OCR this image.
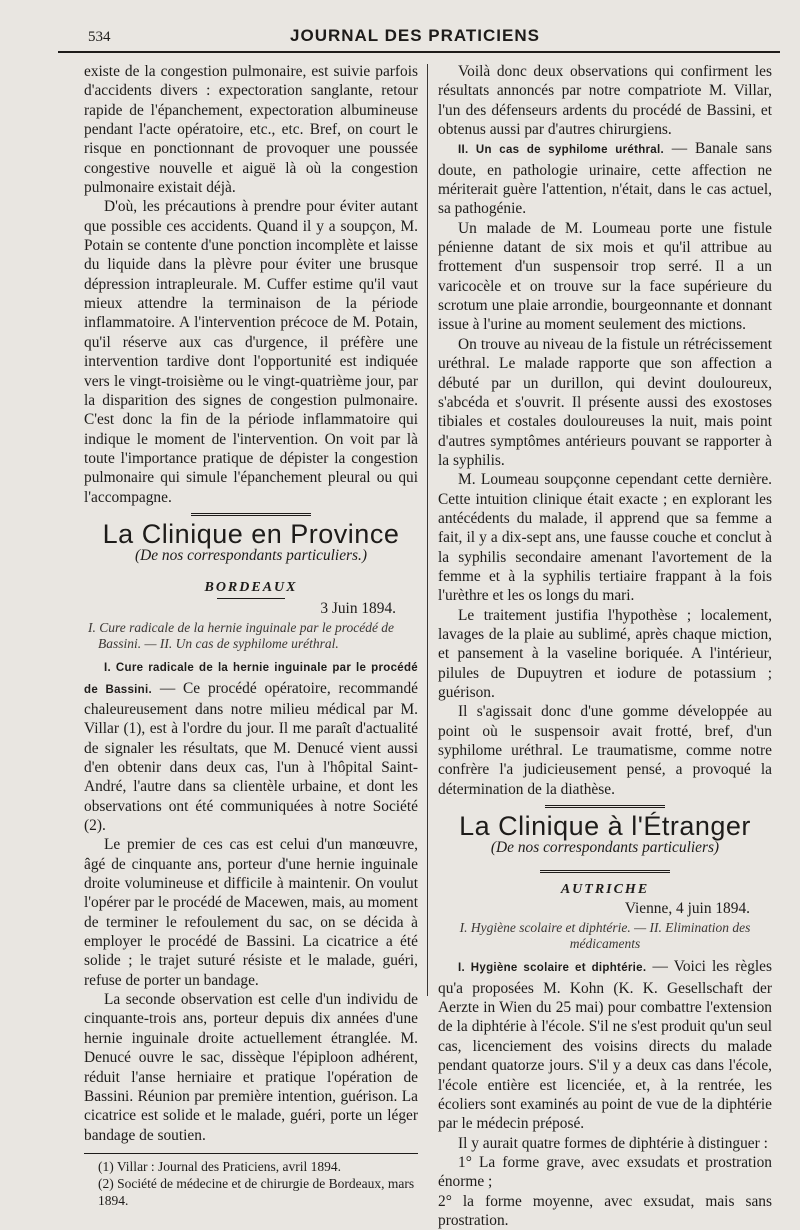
534	JOURNAL DES PRATICIENS

existe de la congestion pulmonaire, est suivie parfois d'accidents divers : expectoration sanglante, retour rapide de l'épanchement, expectoration albumineuse pendant l'acte opératoire, etc., etc. Bref, on court le risque en ponctionnant de provoquer une poussée congestive nouvelle et aiguë là où la congestion pulmonaire existait déjà.

D'où, les précautions à prendre pour éviter autant que possible ces accidents. Quand il y a soupçon, M. Potain se contente d'une ponction incomplète et laisse du liquide dans la plèvre pour éviter une brusque dépression intrapleurale. M. Cuffer estime qu'il vaut mieux attendre la terminaison de la période inflammatoire. A l'intervention précoce de M. Potain, qu'il réserve aux cas d'urgence, il préfère une intervention tardive dont l'opportunité est indiquée vers le vingt-troisième ou le vingt-quatrième jour, par la disparition des signes de congestion pulmonaire. C'est donc la fin de la période inflammatoire qui indique le moment de l'intervention. On voit par là toute l'importance pratique de dépister la congestion pulmonaire qui simule l'épanchement pleural ou qui l'accompagne.

La Clinique en Province
(De nos correspondants particuliers.)
BORDEAUX
3 Juin 1894.
I. Cure radicale de la hernie inguinale par le procédé de Bassini. — II. Un cas de syphilome uréthral.

I. Cure radicale de la hernie inguinale par le procédé de Bassini. — Ce procédé opératoire, recommandé chaleureusement dans notre milieu médical par M. Villar (1), est à l'ordre du jour. Il me paraît d'actualité de signaler les résultats, que M. Denucé vient aussi d'en obtenir dans deux cas, l'un à l'hôpital Saint-André, l'autre dans sa clientèle urbaine, et dont les observations ont été communiquées à notre Société (2).

Le premier de ces cas est celui d'un manœuvre, âgé de cinquante ans, porteur d'une hernie inguinale droite volumineuse et difficile à maintenir. On voulut l'opérer par le procédé de Macewen, mais, au moment de terminer le refoulement du sac, on se décida à employer le procédé de Bassini. La cicatrice a été solide ; le trajet suturé résiste et le malade, guéri, refuse de porter un bandage.

La seconde observation est celle d'un individu de cinquante-trois ans, porteur depuis dix années d'une hernie inguinale droite actuellement étranglée. M. Denucé ouvre le sac, dissèque l'épiploon adhérent, réduit l'anse herniaire et pratique l'opération de Bassini. Réunion par première intention, guérison. La cicatrice est solide et le malade, guéri, porte un léger bandage de soutien.

(1) Villar : Journal des Praticiens, avril 1894.
(2) Société de médecine et de chirurgie de Bordeaux, mars 1894.

Voilà donc deux observations qui confirment les résultats annoncés par notre compatriote M. Villar, l'un des défenseurs ardents du procédé de Bassini, et obtenus aussi par d'autres chirurgiens.

II. Un cas de syphilome uréthral. — Banale sans doute, en pathologie urinaire, cette affection ne mériterait guère l'attention, n'était, dans le cas actuel, sa pathogénie.

Un malade de M. Loumeau porte une fistule pénienne datant de six mois et qu'il attribue au frottement d'un suspensoir trop serré. Il a un varicocèle et on trouve sur la face supérieure du scrotum une plaie arrondie, bourgeonnante et donnant issue à l'urine au moment seulement des mictions.

On trouve au niveau de la fistule un rétrécissement uréthral. Le malade rapporte que son affection a débuté par un durillon, qui devint douloureux, s'abcéda et s'ouvrit. Il présente aussi des exostoses tibiales et costales douloureuses la nuit, mais point d'autres symptômes antérieurs pouvant se rapporter à la syphilis.

M. Loumeau soupçonne cependant cette dernière. Cette intuition clinique était exacte ; en explorant les antécédents du malade, il apprend que sa femme a fait, il y a dix-sept ans, une fausse couche et conclut à la syphilis secondaire amenant l'avortement de la femme et à la syphilis tertiaire frappant à la fois l'urèthre et les os longs du mari.

Le traitement justifia l'hypothèse ; localement, lavages de la plaie au sublimé, après chaque miction, et pansement à la vaseline boriquée. A l'intérieur, pilules de Dupuytren et iodure de potassium ; guérison.

Il s'agissait donc d'une gomme développée au point où le suspensoir avait frotté, bref, d'un syphilome uréthral. Le traumatisme, comme notre confrère l'a judicieusement pensé, a provoqué la détermination de la diathèse.

La Clinique à l'Étranger
(De nos correspondants particuliers)
AUTRICHE
Vienne, 4 juin 1894.
I. Hygiène scolaire et diphtérie. — II. Elimination des médicaments

I. Hygiène scolaire et diphtérie. — Voici les règles qu'a proposées M. Kohn (K. K. Gesellschaft der Aerzte in Wien du 25 mai) pour combattre l'extension de la diphtérie à l'école. S'il ne s'est produit qu'un seul cas, licenciement des voisins directs du malade pendant quatorze jours. S'il y a deux cas dans l'école, l'école entière est licenciée, et, à la rentrée, les écoliers sont examinés au point de vue de la diphtérie par le médecin préposé.

Il y aurait quatre formes de diphtérie à distinguer :

1° La forme grave, avec exsudats et prostration énorme ;

2° la forme moyenne, avec exsudat, mais sans prostration.
